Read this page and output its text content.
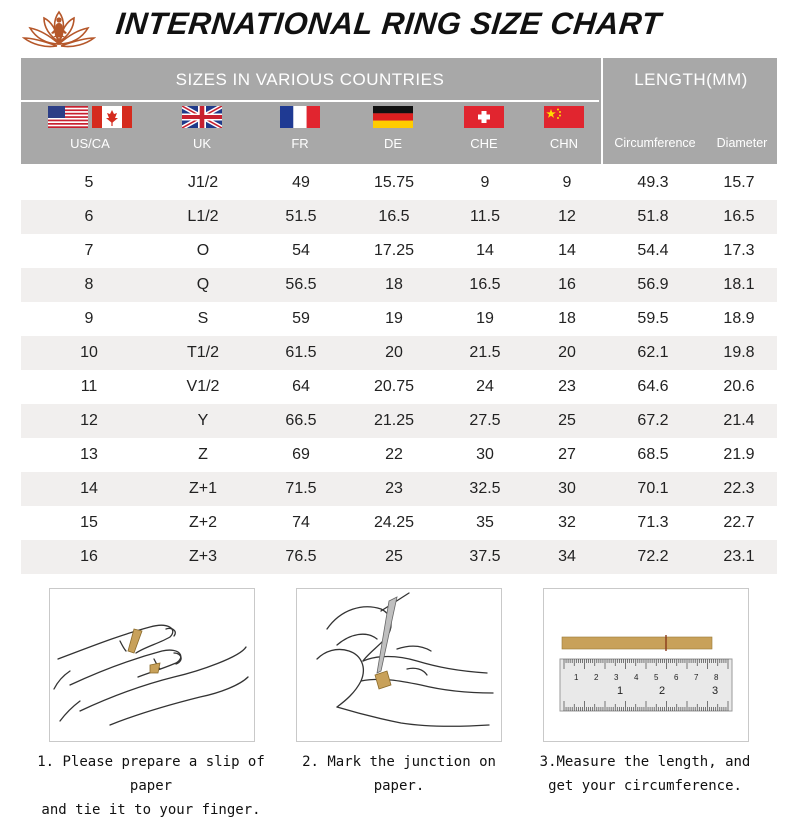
INTERNATIONAL RING SIZE CHART
SIZES IN VARIOUS COUNTRIES
US/CA	UK	FR	DE	CHE	CHN
LENGTH(MM)
Circumference	Diameter
5	J1/2	49	15.75	9	9	49.3	15.7
6	L1/2	51.5	16.5	11.5	12	51.8	16.5
7	O	54	17.25	14	14	54.4	17.3
8	Q	56.5	18	16.5	16	56.9	18.1
9	S	59	19	19	18	59.5	18.9
10	T1/2	61.5	20	21.5	20	62.1	19.8
11	V1/2	64	20.75	24	23	64.6	20.6
12	Y	66.5	21.25	27.5	25	67.2	21.4
13	Z	69	22	30	27	68.5	21.9
14	Z+1	71.5	23	32.5	30	70.1	22.3
15	Z+2	74	24.25	35	32	71.3	22.7
16	Z+3	76.5	25	37.5	34	72.2	23.1
1	2	3
1 2 3 4 5 6 7 8
1. Please prepare a slip of paper
and tie it to your finger.
2. Mark the junction on paper.
3.Measure the length, and
get your circumference.
